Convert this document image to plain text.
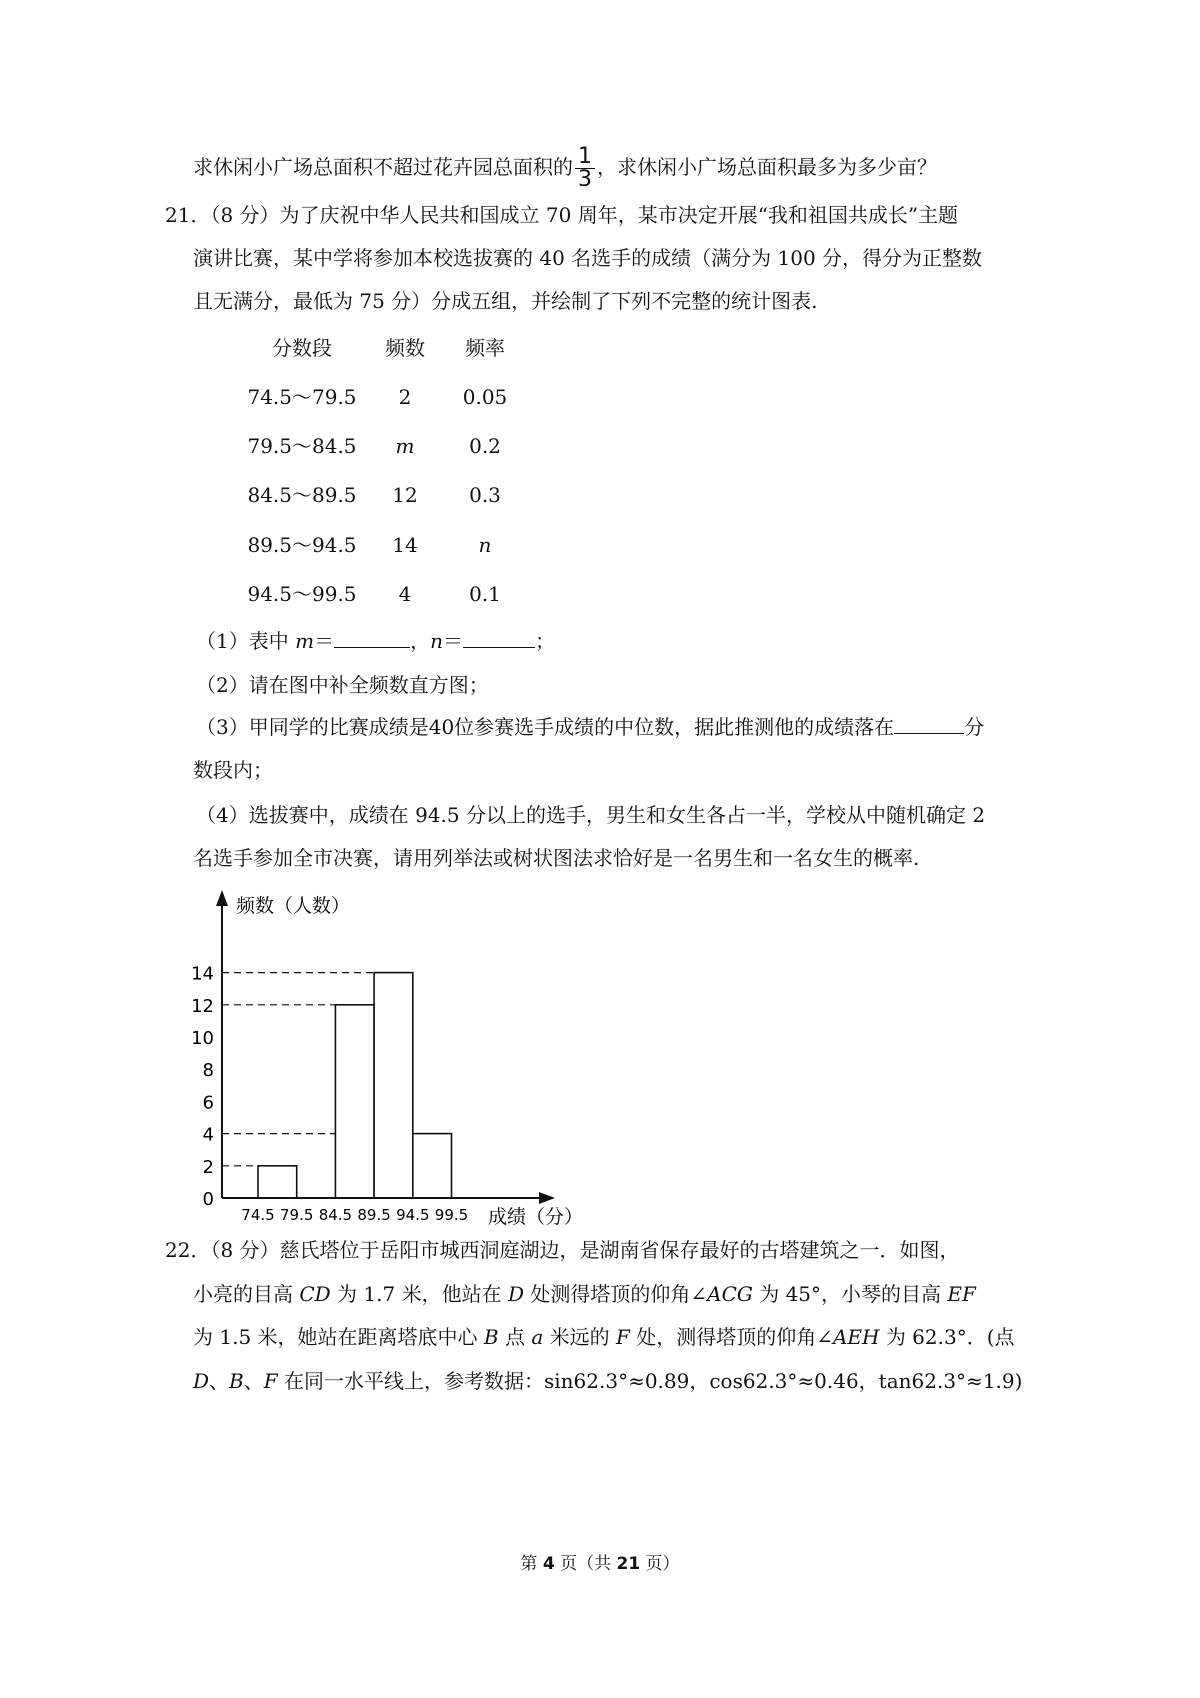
求休闲小广场总面积不超过花卉园总面积的 $\frac{1}{3}$ ，求休闲小广场总面积最多为多少亩？
21．（8 分）为了庆祝中华人民共和国成立 70 周年，某市决定开展“我和祖国共成长”主题
演讲比赛，某中学将参加本校选拔赛的 40 名选手的成绩（满分为 100 分，得分为正整数
且无满分，最低为 75 分）分成五组，并绘制了下列不完整的统计图表.
分数段	频数	频率
74.5～79.5	2	0.05
79.5～84.5	m	0.2
84.5～89.5	12	0.3
89.5～94.5	14	n
94.5～99.5	4	0.1
（1）表中 m＝	，n＝	；
（2）请在图中补全频数直方图；
（3）甲同学的比赛成绩是40位参赛选手成绩的中位数，据此推测他的成绩落在	分
数段内；
（4）选拔赛中，成绩在 94.5 分以上的选手，男生和女生各占一半，学校从中随机确定 2
名选手参加全市决赛，请用列举法或树状图法求恰好是一名男生和一名女生的概率.
频数（人数）
成绩（分）
0
2
4
6
8
10
12
14
74.5 79.5 84.5 89.5 94.5 99.5
22．（8 分）慈氏塔位于岳阳市城西洞庭湖边，是湖南省保存最好的古塔建筑之一．如图，
小亮的目高 CD 为 1.7 米，他站在 D 处测得塔顶的仰角∠ACG 为 45°，小琴的目高 EF
为 1.5 米，她站在距离塔底中心 B 点 a 米远的 F 处，测得塔顶的仰角∠AEH 为 62.3°．(点
D、B、F 在同一水平线上，参考数据：sin62.3°≈0.89，cos62.3°≈0.46，tan62.3°≈1.9)
第 4 页（共 21 页）
